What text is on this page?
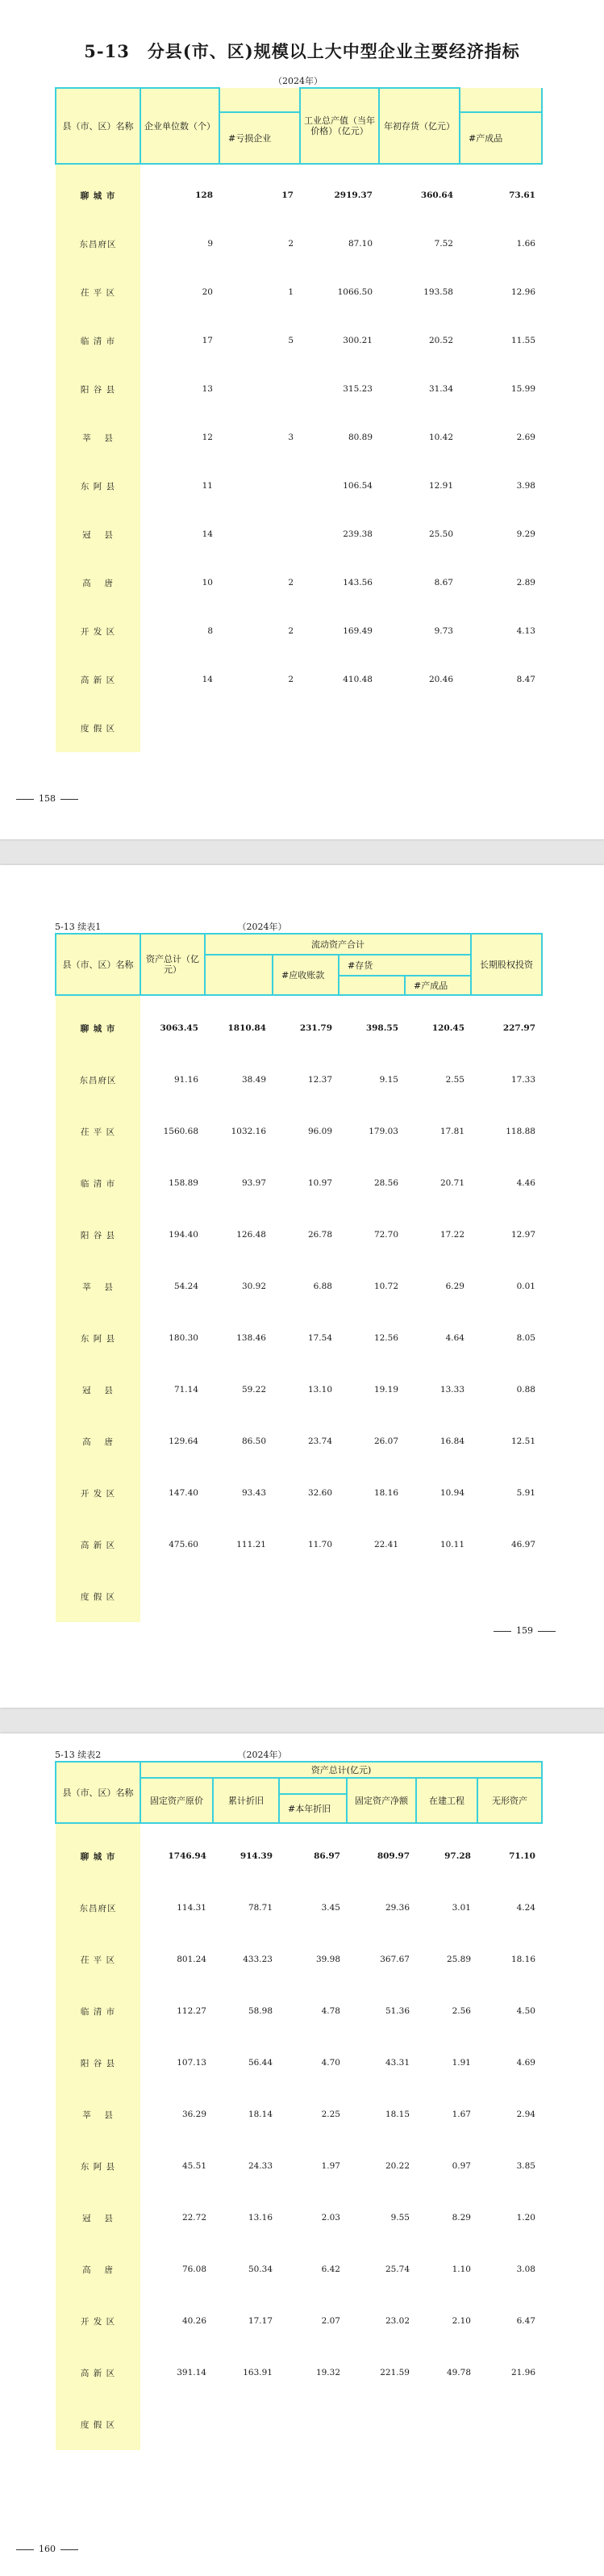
5-13　分县(市、区)规模以上大中型企业主要经济指标
（2024年）
县（市、区）名称	企业单位数（个）		工业总产值（当年价格）（亿元）	年初存货（亿元）	
		#亏损企业			#产成品

聊 城 市	128	17	2919.37	360.64	73.61
东昌府区	9	2	87.10	7.52	1.66
茌 平 区	20	1	1066.50	193.58	12.96
临 清 市	17	5	300.21	20.52	11.55
阳 谷 县	13		315.23	31.34	15.99
莘　 县	12	3	80.89	10.42	2.69
东 阿 县	11		106.54	12.91	3.98
冠　 县	14		239.38	25.50	9.29
高　 唐	10	2	143.56	8.67	2.89
开 发 区	8	2	169.49	9.73	4.13
高 新 区	14	2	410.48	20.46	8.47
度 假 区					
158
5-13 续表1	（2024年）
县（市、区）名称	资产总计（亿元）	流动资产合计				长期股权投资
			#应收账款	#存货		
					#产成品	

聊 城 市	3063.45	1810.84	231.79	398.55	120.45	227.97
东昌府区	91.16	38.49	12.37	9.15	2.55	17.33
茌 平 区	1560.68	1032.16	96.09	179.03	17.81	118.88
临 清 市	158.89	93.97	10.97	28.56	20.71	4.46
阳 谷 县	194.40	126.48	26.78	72.70	17.22	12.97
莘　 县	54.24	30.92	6.88	10.72	6.29	0.01
东 阿 县	180.30	138.46	17.54	12.56	4.64	8.05
冠　 县	71.14	59.22	13.10	19.19	13.33	0.88
高　 唐	129.64	86.50	23.74	26.07	16.84	12.51
开 发 区	147.40	93.43	32.60	18.16	10.94	5.91
高 新 区	475.60	111.21	11.70	22.41	10.11	46.97
度 假 区						
159
5-13 续表2	（2024年）
县（市、区）名称	资产总计(亿元)					
	固定资产原价	累计折旧		固定资产净额	在建工程	无形资产
			#本年折旧			

聊 城 市	1746.94	914.39	86.97	809.97	97.28	71.10
东昌府区	114.31	78.71	3.45	29.36	3.01	4.24
茌 平 区	801.24	433.23	39.98	367.67	25.89	18.16
临 清 市	112.27	58.98	4.78	51.36	2.56	4.50
阳 谷 县	107.13	56.44	4.70	43.31	1.91	4.69
莘　 县	36.29	18.14	2.25	18.15	1.67	2.94
东 阿 县	45.51	24.33	1.97	20.22	0.97	3.85
冠　 县	22.72	13.16	2.03	9.55	8.29	1.20
高　 唐	76.08	50.34	6.42	25.74	1.10	3.08
开 发 区	40.26	17.17	2.07	23.02	2.10	6.47
高 新 区	391.14	163.91	19.32	221.59	49.78	21.96
度 假 区						
160
